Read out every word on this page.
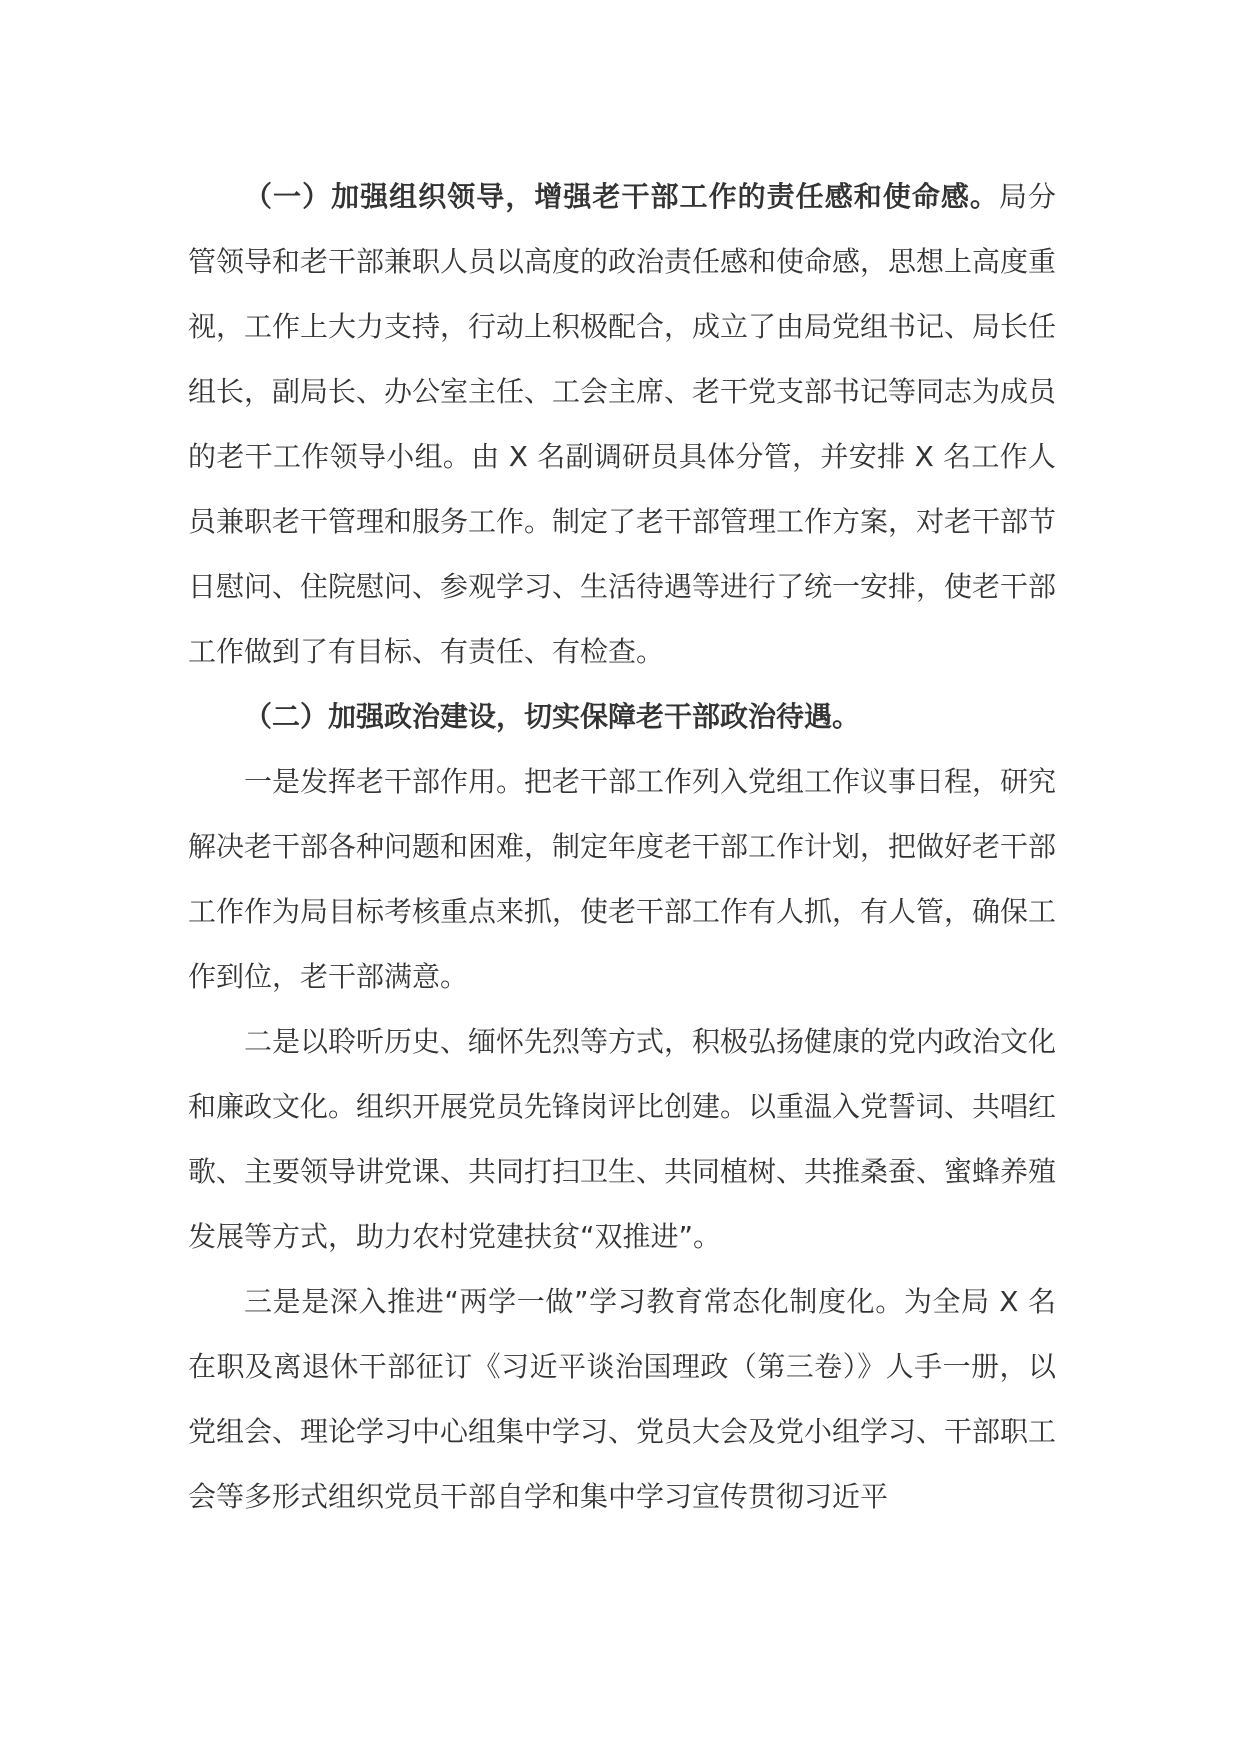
（一）加强组织领导，增强老干部工作的责任感和使命感。局分管领导和老干部兼职人员以高度的政治责任感和使命感，思想上高度重视，工作上大力支持，行动上积极配合，成立了由局党组书记、局长任组长，副局长、办公室主任、工会主席、老干党支部书记等同志为成员的老干工作领导小组。由 X 名副调研员具体分管，并安排 X 名工作人员兼职老干管理和服务工作。制定了老干部管理工作方案，对老干部节日慰问、住院慰问、参观学习、生活待遇等进行了统一安排，使老干部工作做到了有目标、有责任、有检查。

（二）加强政治建设，切实保障老干部政治待遇。

一是发挥老干部作用。把老干部工作列入党组工作议事日程，研究解决老干部各种问题和困难，制定年度老干部工作计划，把做好老干部工作作为局目标考核重点来抓，使老干部工作有人抓，有人管，确保工作到位，老干部满意。

二是以聆听历史、缅怀先烈等方式，积极弘扬健康的党内政治文化和廉政文化。组织开展党员先锋岗评比创建。以重温入党誓词、共唱红歌、主要领导讲党课、共同打扫卫生、共同植树、共推桑蚕、蜜蜂养殖发展等方式，助力农村党建扶贫“双推进”。

三是是深入推进“两学一做”学习教育常态化制度化。为全局 X 名在职及离退休干部征订《习近平谈治国理政（第三卷）》人手一册，以党组会、理论学习中心组集中学习、党员大会及党小组学习、干部职工会等多形式组织党员干部自学和集中学习宣传贯彻习近平
